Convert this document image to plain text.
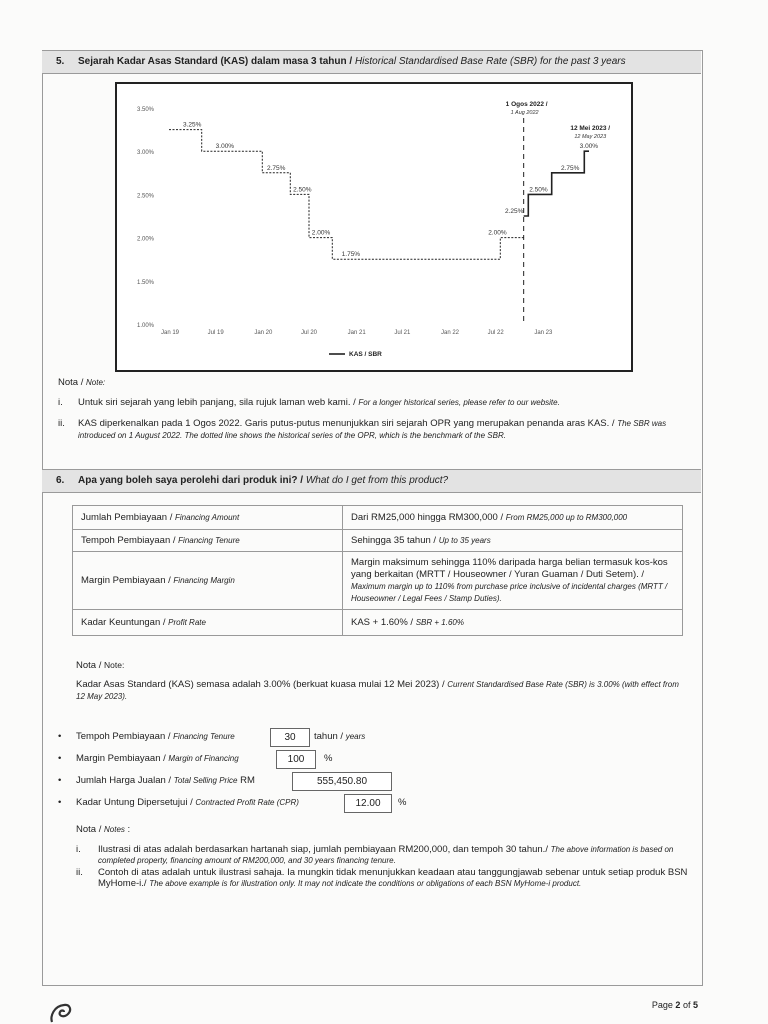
5. Sejarah Kadar Asas Standard (KAS) dalam masa 3 tahun / Historical Standardised Base Rate (SBR) for the past 3 years
1.00%
1.50%
2.00%
2.50%
3.00%
3.50%
Jan 19	Jul 19	Jan 20	Jul 20	Jan 21	Jul 21	Jan 22	Jul 22	Jan 23
3.25%
3.00%
2.75%
2.50%
2.00%
1.75%
2.00%
2.25%
2.50%
2.75%
3.00%
1 Ogos 2022 /
1 Aug 2022
12 Mei 2023 /
12 May 2023
KAS / SBR
Nota / Note:
i. Untuk siri sejarah yang lebih panjang, sila rujuk laman web kami. / For a longer historical series, please refer to our website.
ii. KAS diperkenalkan pada 1 Ogos 2022. Garis putus-putus menunjukkan siri sejarah OPR yang merupakan penanda aras KAS. / The SBR was introduced on 1 August 2022. The dotted line shows the historical series of the OPR, which is the benchmark of the SBR.
6. Apa yang boleh saya perolehi dari produk ini? / What do I get from this product?
Jumlah Pembiayaan / Financing Amount	Dari RM25,000 hingga RM300,000 / From RM25,000 up to RM300,000
Tempoh Pembiayaan / Financing Tenure	Sehingga 35 tahun / Up to 35 years
Margin Pembiayaan / Financing Margin	Margin maksimum sehingga 110% daripada harga belian termasuk kos-kos yang berkaitan (MRTT / Houseowner / Yuran Guaman / Duti Setem). / Maximum margin up to 110% from purchase price inclusive of incidental charges (MRTT / Houseowner / Legal Fees / Stamp Duties).
Kadar Keuntungan / Profit Rate	KAS + 1.60% / SBR + 1.60%
Nota / Note:
Kadar Asas Standard (KAS) semasa adalah 3.00% (berkuat kuasa mulai 12 Mei 2023) / Current Standardised Base Rate (SBR) is 3.00% (with effect from 12 May 2023).
• Tempoh Pembiayaan / Financing Tenure	30	tahun / years
• Margin Pembiayaan / Margin of Financing	100	%
• Jumlah Harga Jualan / Total Selling Price RM	555,450.80
• Kadar Untung Dipersetujui / Contracted Profit Rate (CPR)	12.00	%
Nota / Notes :
i. Ilustrasi di atas adalah berdasarkan hartanah siap, jumlah pembiayaan RM200,000, dan tempoh 30 tahun./ The above information is based on completed property, financing amount of RM200,000, and 30 years financing tenure.
ii. Contoh di atas adalah untuk ilustrasi sahaja. Ia mungkin tidak menunjukkan keadaan atau tanggungjawab sebenar untuk setiap produk BSN MyHome-i./ The above example is for illustration only. It may not indicate the conditions or obligations of each BSN MyHome-i product.
Page 2 of 5
